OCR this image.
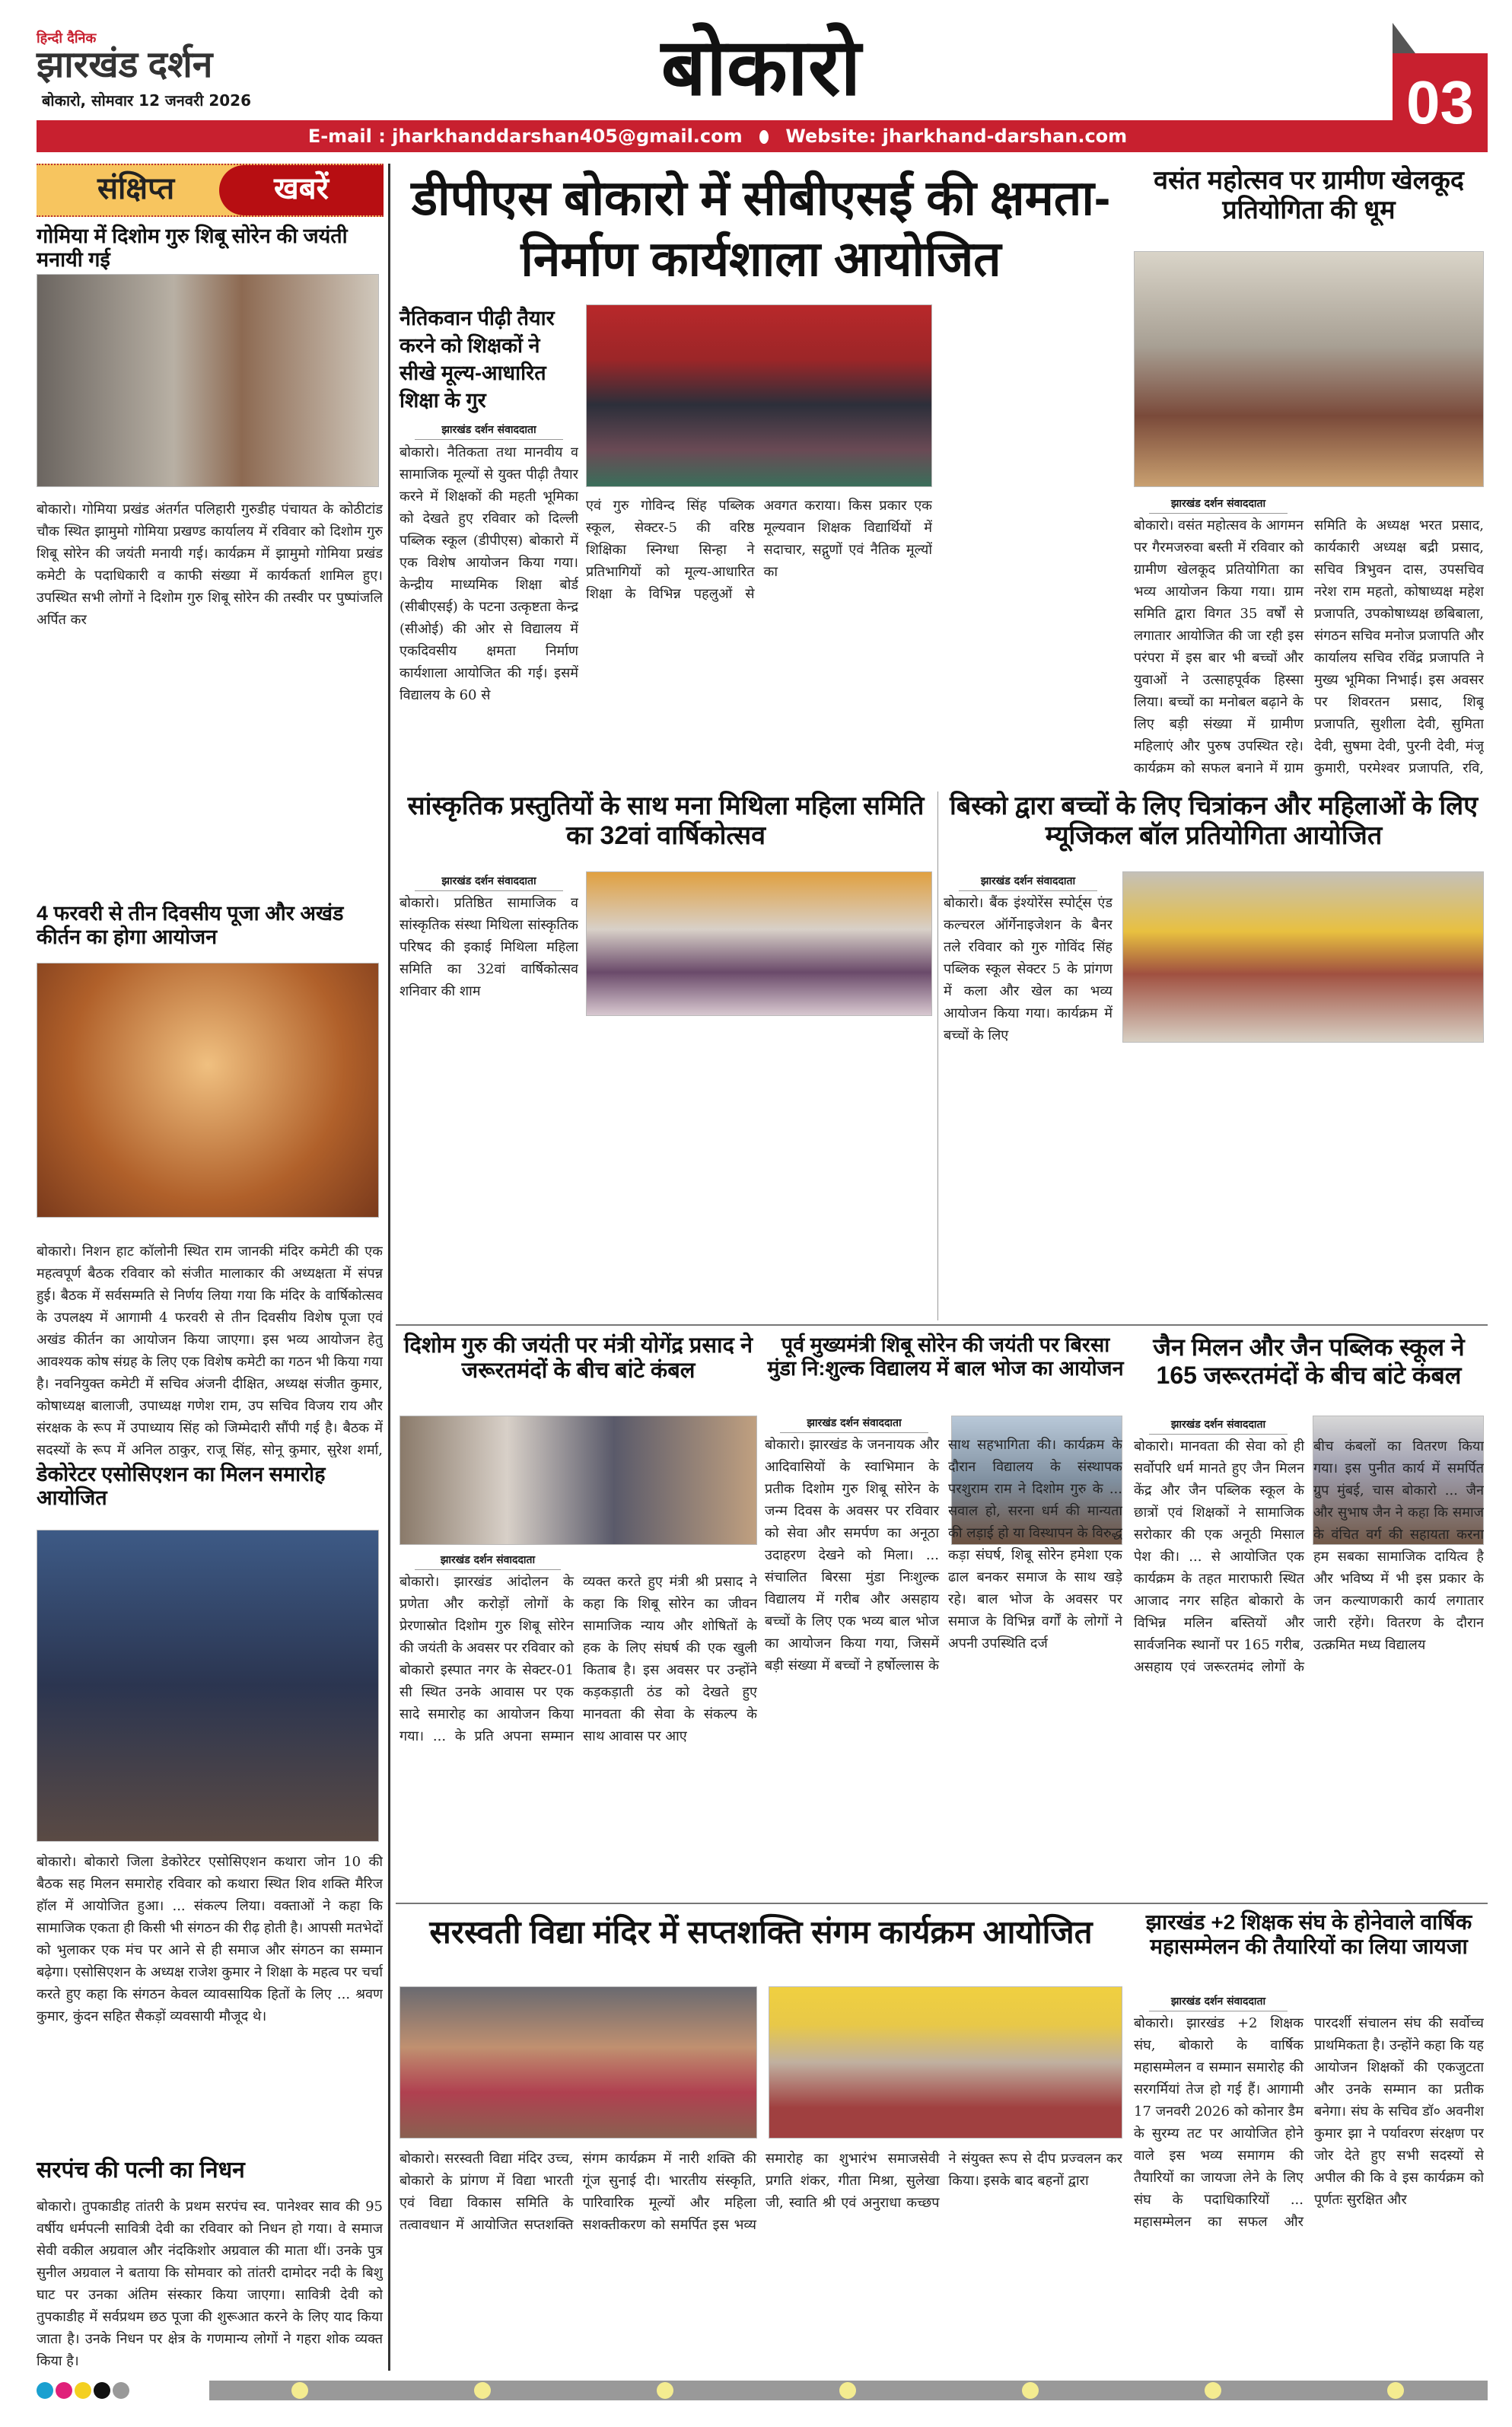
हिन्दी दैनिक
झारखंड दर्शन
बोकारो, सोमवार 12 जनवरी 2026	बोकारो
E-mail : jharkhanddarshan405@gmail.com Website: jharkhand-darshan.com	03
संक्षिप्त	खबरें
गोमिया में दिशोम गुरु शिबू सोरेन की जयंती मनायी गई
बोकारो। गोमिया प्रखंड अंतर्गत पलिहारी गुरुडीह पंचायत के कोठीटांड चौक स्थित झामुमो गोमिया प्रखण्ड कार्यालय में रविवार को दिशोम गुरु शिबू सोरेन की जयंती मनायी गई। कार्यक्रम में झामुमो गोमिया प्रखंड कमेटी के पदाधिकारी व काफी संख्या में कार्यकर्ता शामिल हुए। उपस्थित सभी लोगों ने दिशोम गुरु शिबू सोरेन की तस्वीर पर पुष्पांजलि अर्पित कर
4 फरवरी से तीन दिवसीय पूजा और अखंड कीर्तन का होगा आयोजन
बोकारो। निशन हाट कॉलोनी स्थित राम जानकी मंदिर कमेटी की एक महत्वपूर्ण बैठक रविवार को संजीत मालाकार की अध्यक्षता में संपन्न हुई। बैठक में सर्वसम्मति से निर्णय लिया गया कि मंदिर के वार्षिकोत्सव के उपलक्ष्य में आगामी 4 फरवरी से तीन दिवसीय विशेष पूजा एवं अखंड कीर्तन का आयोजन किया जाएगा। इस भव्य आयोजन हेतु आवश्यक कोष संग्रह के लिए एक विशेष कमेटी का गठन भी किया गया है। नवनियुक्त कमेटी में सचिव अंजनी दीक्षित, अध्यक्ष संजीत कुमार, कोषाध्यक्ष बालाजी, उपाध्यक्ष गणेश राम, उप सचिव विजय राय और संरक्षक के रूप में उपाध्याय सिंह को जिम्मेदारी सौंपी गई है। बैठक में सदस्यों के रूप में अनिल ठाकुर, राजू सिंह, सोनू कुमार, सुरेश शर्मा,
डेकोरेटर एसोसिएशन का मिलन समारोह आयोजित
बोकारो। बोकारो जिला डेकोरेटर एसोसिएशन कथारा जोन 10 की बैठक सह मिलन समारोह रविवार को कथारा स्थित शिव शक्ति मैरिज हॉल में आयोजित हुआ। ... संकल्प लिया। वक्ताओं ने कहा कि सामाजिक एकता ही किसी भी संगठन की रीढ़ होती है। आपसी मतभेदों को भुलाकर एक मंच पर आने से ही समाज और संगठन का सम्मान बढ़ेगा। एसोसिएशन के अध्यक्ष राजेश कुमार ने शिक्षा के महत्व पर चर्चा करते हुए कहा कि संगठन केवल व्यावसायिक हितों के लिए ... श्रवण कुमार, कुंदन सहित सैकड़ों व्यवसायी मौजूद थे।
सरपंच की पत्नी का निधन
बोकारो। तुपकाडीह तांतरी के प्रथम सरपंच स्व. पानेश्वर साव की 95 वर्षीय धर्मपत्नी सावित्री देवी का रविवार को निधन हो गया। वे समाज सेवी वकील अग्रवाल और नंदकिशोर अग्रवाल की माता थीं। उनके पुत्र सुनील अग्रवाल ने बताया कि सोमवार को तांतरी दामोदर नदी के बिशु घाट पर उनका अंतिम संस्कार किया जाएगा। सावित्री देवी को तुपकाडीह में सर्वप्रथम छठ पूजा की शुरूआत करने के लिए याद किया जाता है। उनके निधन पर क्षेत्र के गणमान्य लोगों ने गहरा शोक व्यक्त किया है।
डीपीएस बोकारो में सीबीएसई की क्षमता-निर्माण कार्यशाला आयोजित
नैतिकवान पीढ़ी तैयार करने को शिक्षकों ने सीखे मूल्य-आधारित शिक्षा के गुर
झारखंड दर्शन संवाददाता
बोकारो। नैतिकता तथा मानवीय व सामाजिक मूल्यों से युक्त पीढ़ी तैयार करने में शिक्षकों की महती भूमिका को देखते हुए रविवार को दिल्ली पब्लिक स्कूल (डीपीएस) बोकारो में एक विशेष आयोजन किया गया। केन्द्रीय माध्यमिक शिक्षा बोर्ड (सीबीएसई) के पटना उत्कृष्टता केन्द्र (सीओई) की ओर से विद्यालय में एकदिवसीय क्षमता निर्माण कार्यशाला आयोजित की गई। इसमें विद्यालय के 60 से
एवं गुरु गोविन्द सिंह पब्लिक स्कूल, सेक्टर-5 की वरिष्ठ शिक्षिका स्निग्धा सिन्हा ने प्रतिभागियों को मूल्य-आधारित शिक्षा के विभिन्न पहलुओं से अवगत कराया। किस प्रकार एक मूल्यवान शिक्षक विद्यार्थियों में सदाचार, सद्गुणों एवं नैतिक मूल्यों का
वसंत महोत्सव पर ग्रामीण खेलकूद प्रतियोगिता की धूम
झारखंड दर्शन संवाददाता
बोकारो। वसंत महोत्सव के आगमन पर गैरमजरुवा बस्ती में रविवार को ग्रामीण खेलकूद प्रतियोगिता का भव्य आयोजन किया गया। ग्राम समिति द्वारा विगत 35 वर्षों से लगातार आयोजित की जा रही इस परंपरा में इस बार भी बच्चों और युवाओं ने उत्साहपूर्वक हिस्सा लिया। बच्चों का मनोबल बढ़ाने के लिए बड़ी संख्या में ग्रामीण महिलाएं और पुरुष उपस्थित रहे। कार्यक्रम को सफल बनाने में ग्राम समिति के अध्यक्ष भरत प्रसाद, कार्यकारी अध्यक्ष बद्री प्रसाद, सचिव त्रिभुवन दास, उपसचिव नरेश राम महतो, कोषाध्यक्ष महेश प्रजापति, उपकोषाध्यक्ष छबिबाला, संगठन सचिव मनोज प्रजापति और कार्यालय सचिव रविंद्र प्रजापति ने मुख्य भूमिका निभाई। इस अवसर पर शिवरतन प्रसाद, शिबू प्रजापति, सुशीला देवी, सुमिता देवी, सुषमा देवी, पुरनी देवी, मंजू कुमारी, परमेश्वर प्रजापति, रवि,
सांस्कृतिक प्रस्तुतियों के साथ मना मिथिला महिला समिति का 32वां वार्षिकोत्सव
झारखंड दर्शन संवाददाता
बोकारो। प्रतिष्ठित सामाजिक व सांस्कृतिक संस्था मिथिला सांस्कृतिक परिषद की इकाई मिथिला महिला समिति का 32वां वार्षिकोत्सव शनिवार की शाम
बिस्को द्वारा बच्चों के लिए चित्रांकन और महिलाओं के लिए म्यूजिकल बॉल प्रतियोगिता आयोजित
झारखंड दर्शन संवाददाता
बोकारो। बैंक इंश्योरेंस स्पोर्ट्स एंड कल्चरल ऑर्गेनाइजेशन के बैनर तले रविवार को गुरु गोविंद सिंह पब्लिक स्कूल सेक्टर 5 के प्रांगण में कला और खेल का भव्य आयोजन किया गया। कार्यक्रम में बच्चों के लिए
दिशोम गुरु की जयंती पर मंत्री योगेंद्र प्रसाद ने जरूरतमंदों के बीच बांटे कंबल
झारखंड दर्शन संवाददाता
बोकारो। झारखंड आंदोलन के प्रणेता और करोड़ों लोगों के प्रेरणास्रोत दिशोम गुरु शिबू सोरेन की जयंती के अवसर पर रविवार को बोकारो इस्पात नगर के सेक्टर-01 सी स्थित उनके आवास पर एक सादे समारोह का आयोजन किया गया। ... के प्रति अपना सम्मान व्यक्त करते हुए मंत्री श्री प्रसाद ने कहा कि शिबू सोरेन का जीवन सामाजिक न्याय और शोषितों के हक के लिए संघर्ष की एक खुली किताब है। इस अवसर पर उन्होंने कड़कड़ाती ठंड को देखते हुए मानवता की सेवा के संकल्प के साथ आवास पर आए
पूर्व मुख्यमंत्री शिबू सोरेन की जयंती पर बिरसा मुंडा नि:शुल्क विद्यालय में बाल भोज का आयोजन
झारखंड दर्शन संवाददाता
बोकारो। झारखंड के जननायक और आदिवासियों के स्वाभिमान के प्रतीक दिशोम गुरु शिबू सोरेन के जन्म दिवस के अवसर पर रविवार को सेवा और समर्पण का अनूठा उदाहरण देखने को मिला। ... संचालित बिरसा मुंडा निःशुल्क विद्यालय में गरीब और असहाय बच्चों के लिए एक भव्य बाल भोज का आयोजन किया गया, जिसमें बड़ी संख्या में बच्चों ने हर्षोल्लास के साथ सहभागिता की। कार्यक्रम के दौरान विद्यालय के संस्थापक परशुराम राम ने दिशोम गुरु के ... सवाल हो, सरना धर्म की मान्यता की लड़ाई हो या विस्थापन के विरुद्ध कड़ा संघर्ष, शिबू सोरेन हमेशा एक ढाल बनकर समाज के साथ खड़े रहे। बाल भोज के अवसर पर समाज के विभिन्न वर्गों के लोगों ने अपनी उपस्थिति दर्ज
जैन मिलन और जैन पब्लिक स्कूल ने 165 जरूरतमंदों के बीच बांटे कंबल
झारखंड दर्शन संवाददाता
बोकारो। मानवता की सेवा को ही सर्वोपरि धर्म मानते हुए जैन मिलन केंद्र और जैन पब्लिक स्कूल के छात्रों एवं शिक्षकों ने सामाजिक सरोकार की एक अनूठी मिसाल पेश की। ... से आयोजित एक कार्यक्रम के तहत माराफारी स्थित आजाद नगर सहित बोकारो के विभिन्न मलिन बस्तियों और सार्वजनिक स्थानों पर 165 गरीब, असहाय एवं जरूरतमंद लोगों के बीच कंबलों का वितरण किया गया। इस पुनीत कार्य में समर्पित ग्रुप मुंबई, चास बोकारो ... जैन और सुभाष जैन ने कहा कि समाज के वंचित वर्ग की सहायता करना हम सबका सामाजिक दायित्व है और भविष्य में भी इस प्रकार के जन कल्याणकारी कार्य लगातार जारी रहेंगे। वितरण के दौरान उत्क्रमित मध्य विद्यालय
सरस्वती विद्या मंदिर में सप्तशक्ति संगम कार्यक्रम आयोजित
बोकारो। सरस्वती विद्या मंदिर उच्च, बोकारो के प्रांगण में विद्या भारती एवं विद्या विकास समिति के तत्वावधान में आयोजित सप्तशक्ति संगम कार्यक्रम में नारी शक्ति की गूंज सुनाई दी। भारतीय संस्कृति, पारिवारिक मूल्यों और महिला सशक्तीकरण को समर्पित इस भव्य समारोह का शुभारंभ समाजसेवी प्रगति शंकर, गीता मिश्रा, सुलेखा जी, स्वाति श्री एवं अनुराधा कच्छप ने संयुक्त रूप से दीप प्रज्वलन कर किया। इसके बाद बहनों द्वारा
झारखंड +2 शिक्षक संघ के होनेवाले वार्षिक महासम्मेलन की तैयारियों का लिया जायजा
झारखंड दर्शन संवाददाता
बोकारो। झारखंड +2 शिक्षक संघ, बोकारो के वार्षिक महासम्मेलन व सम्मान समारोह की सरगर्मियां तेज हो गई हैं। आगामी 17 जनवरी 2026 को कोनार डैम के सुरम्य तट पर आयोजित होने वाले इस भव्य समागम की तैयारियों का जायजा लेने के लिए संघ के पदाधिकारियों ... महासम्मेलन का सफल और पारदर्शी संचालन संघ की सर्वोच्च प्राथमिकता है। उन्होंने कहा कि यह आयोजन शिक्षकों की एकजुटता और उनके सम्मान का प्रतीक बनेगा। संघ के सचिव डॉ० अवनीश कुमार झा ने पर्यावरण संरक्षण पर जोर देते हुए सभी सदस्यों से अपील की कि वे इस कार्यक्रम को पूर्णतः सुरक्षित और
